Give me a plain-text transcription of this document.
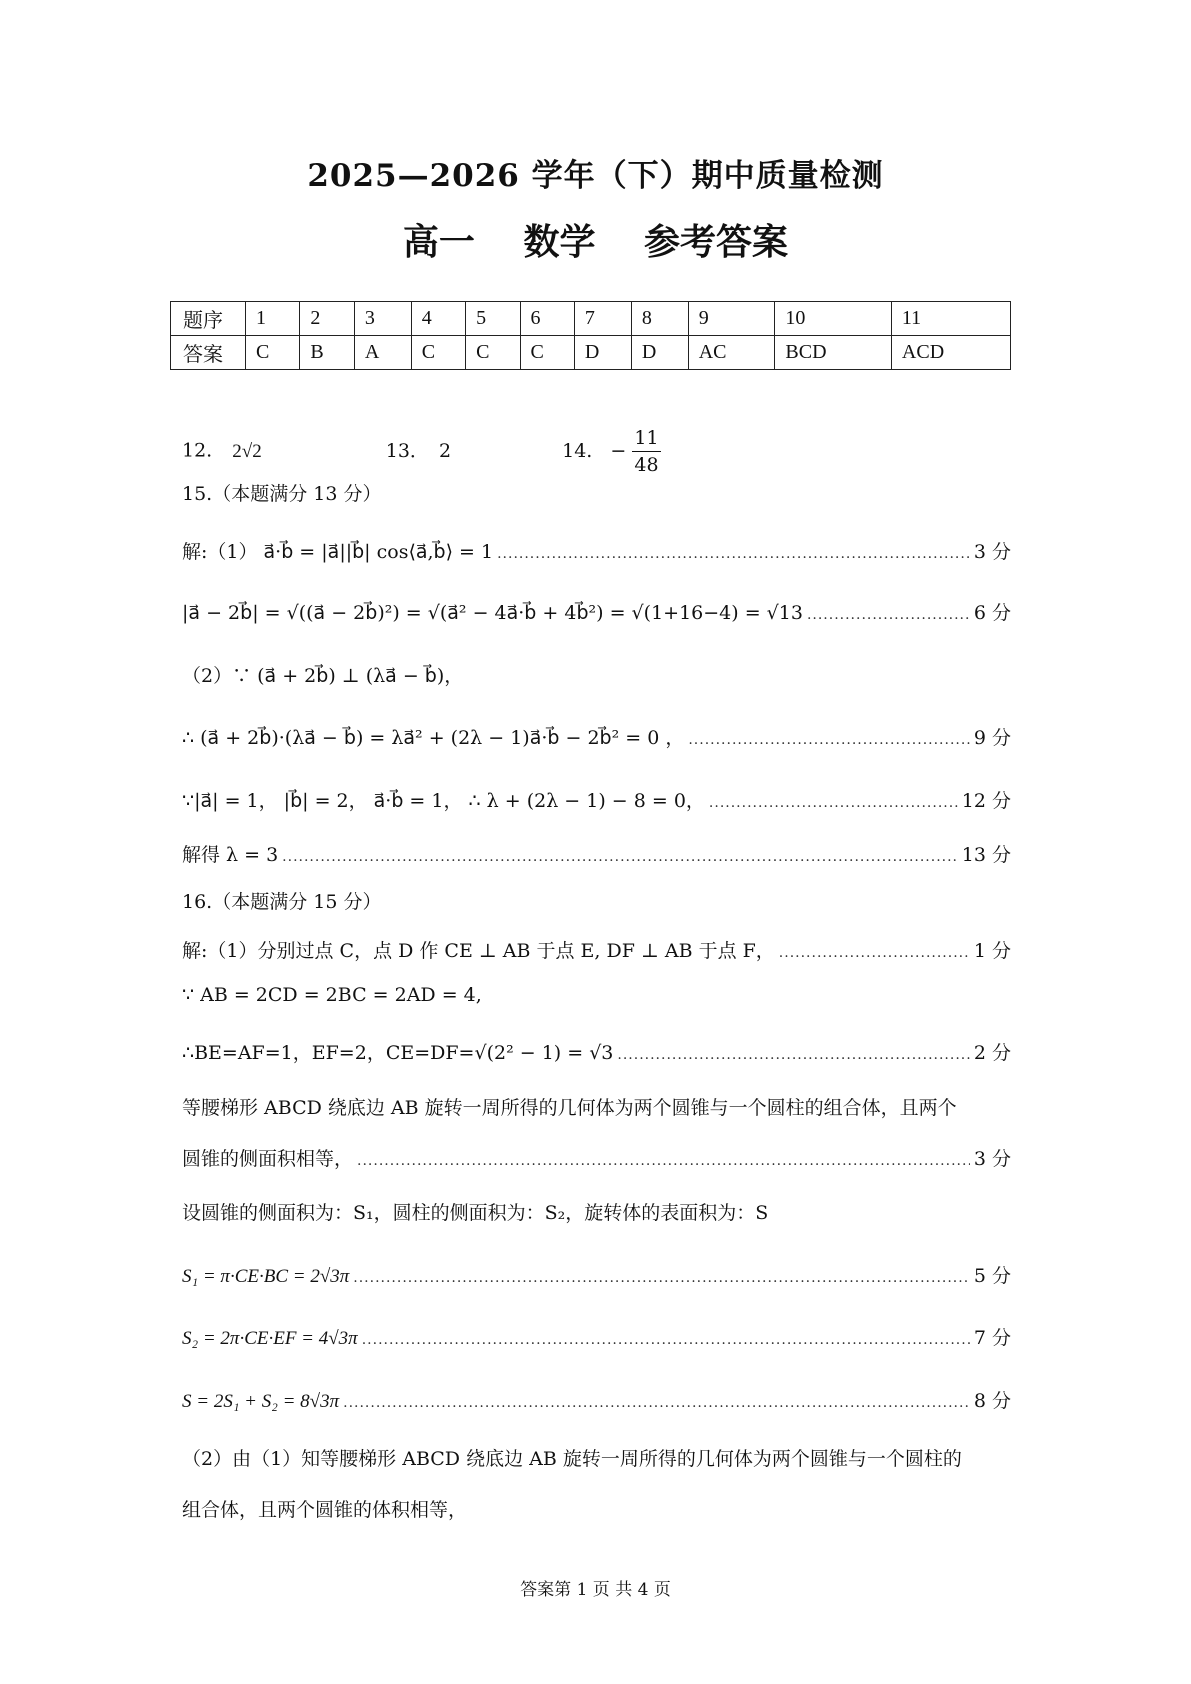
2025—2026 学年（下）期中质量检测
高一 数学 参考答案
题序	1	2	3	4	5	6	7	8	9	10	11
答案	C	B	A	C	C	C	D	D	AC	BCD	ACD
12. 2√2	13． 2	14. − $\frac{11}{48}$
15.（本题满分 13 分）
解:（1） a⃗·b⃗ = |a⃗||b⃗| cos⟨a⃗,b⃗⟩ = 1 .....	3 分
|a⃗ − 2b⃗| = √((a⃗ − 2b⃗)²) = √(a⃗² − 4a⃗·b⃗ + 4b⃗²) = √(1+16−4) = √13 .....	6 分
（2）∵ (a⃗ + 2b⃗) ⊥ (λa⃗ − b⃗)，
∴ (a⃗ + 2b⃗)·(λa⃗ − b⃗) = λa⃗² + (2λ − 1)a⃗·b⃗ − 2b⃗² = 0 ， .....	9 分
∵|a⃗| = 1， |b⃗| = 2， a⃗·b⃗ = 1， ∴ λ + (2λ − 1) − 8 = 0， .....	12 分
解得 λ = 3 .....	13 分
16.（本题满分 15 分）
解:（1）分别过点 C，点 D 作 CE ⊥ AB 于点 E, DF ⊥ AB 于点 F， .....	1 分
∵ AB = 2CD = 2BC = 2AD = 4,
∴BE=AF=1，EF=2，CE=DF=√(2² − 1) = √3 .....	2 分
等腰梯形 ABCD 绕底边 AB 旋转一周所得的几何体为两个圆锥与一个圆柱的组合体，且两个
圆锥的侧面积相等， .....	3 分
设圆锥的侧面积为：S₁，圆柱的侧面积为：S₂，旋转体的表面积为：S
S₁ = π·CE·BC = 2√3π .....	5 分
S₂ = 2π·CE·EF = 4√3π .....	7 分
S = 2S₁ + S₂ = 8√3π .....	8 分
（2）由（1）知等腰梯形 ABCD 绕底边 AB 旋转一周所得的几何体为两个圆锥与一个圆柱的
组合体，且两个圆锥的体积相等，
答案第 1 页 共 4 页
